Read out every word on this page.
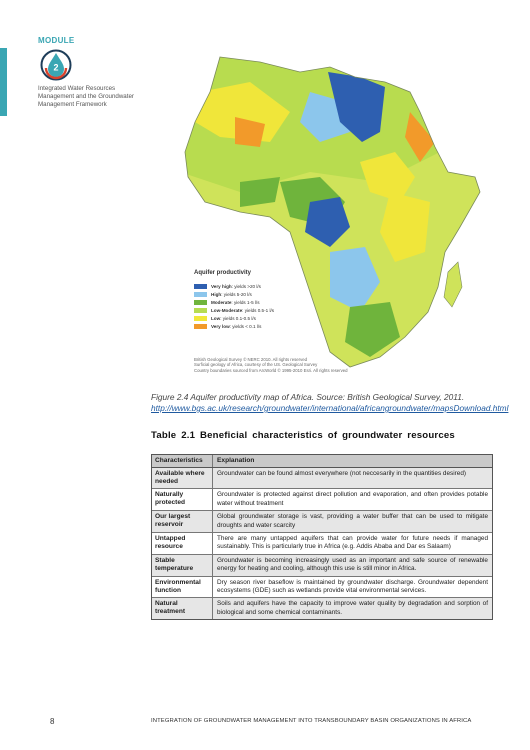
MODULE
2
Integrated Water Resources Management and the Groundwater Management Framework
Aquifer productivity
Very high: yields >20 l/s
High: yields 5-20 l/s
Moderate: yields 1-5 l/s
Low-Moderate: yields 0.5-1 l/s
Low: yields 0.1-0.5 l/s
Very low: yields < 0.1 l/s
British Geological Survey © NERC 2010. All rights reserved
Surficial geology of Africa, courtesy of the US. Geological Survey
Country boundaries sourced from ArcWorld © 1995-2010 Esri. All rights reserved
Figure 2.4 Aquifer productivity map of Africa. Source: British Geological Survey, 2011.
http://www.bgs.ac.uk/research/groundwater/international/africangroundwater/mapsDownload.html
Table 2.1 Beneficial characteristics of groundwater resources
Characteristics	Explanation
Available where needed
Groundwater can be found almost everywhere (not neccesarily in the quantities desired)
Naturally protected
Groundwater is protected against direct pollution and evaporation, and often provides potable water without treatment
Our largest reservoir
Global groundwater storage is vast, providing a water buffer that can be used to mitigate droughts and water scarcity
Untapped resource
There are many untapped aquifers that can provide water for future needs if managed sustainably. This is particularly true in Africa (e.g. Addis Ababa and Dar es Salaam)
Stable temperature
Groundwater is becoming increasingly used as an important and safe source of renewable energy for heating and cooling, although this use is still minor in Africa.
Environmental function
Dry season river baseflow is maintained by groundwater discharge. Groundwater dependent ecosystems (GDE) such as wetlands provide vital environmental services.
Natural treatment
Soils and aquifers have the capacity to improve water quality by degradation and sorption of biological and some chemical contaminants.
8	INTEGRATION OF GROUNDWATER MANAGEMENT INTO TRANSBOUNDARY BASIN ORGANIZATIONS IN AFRICA
